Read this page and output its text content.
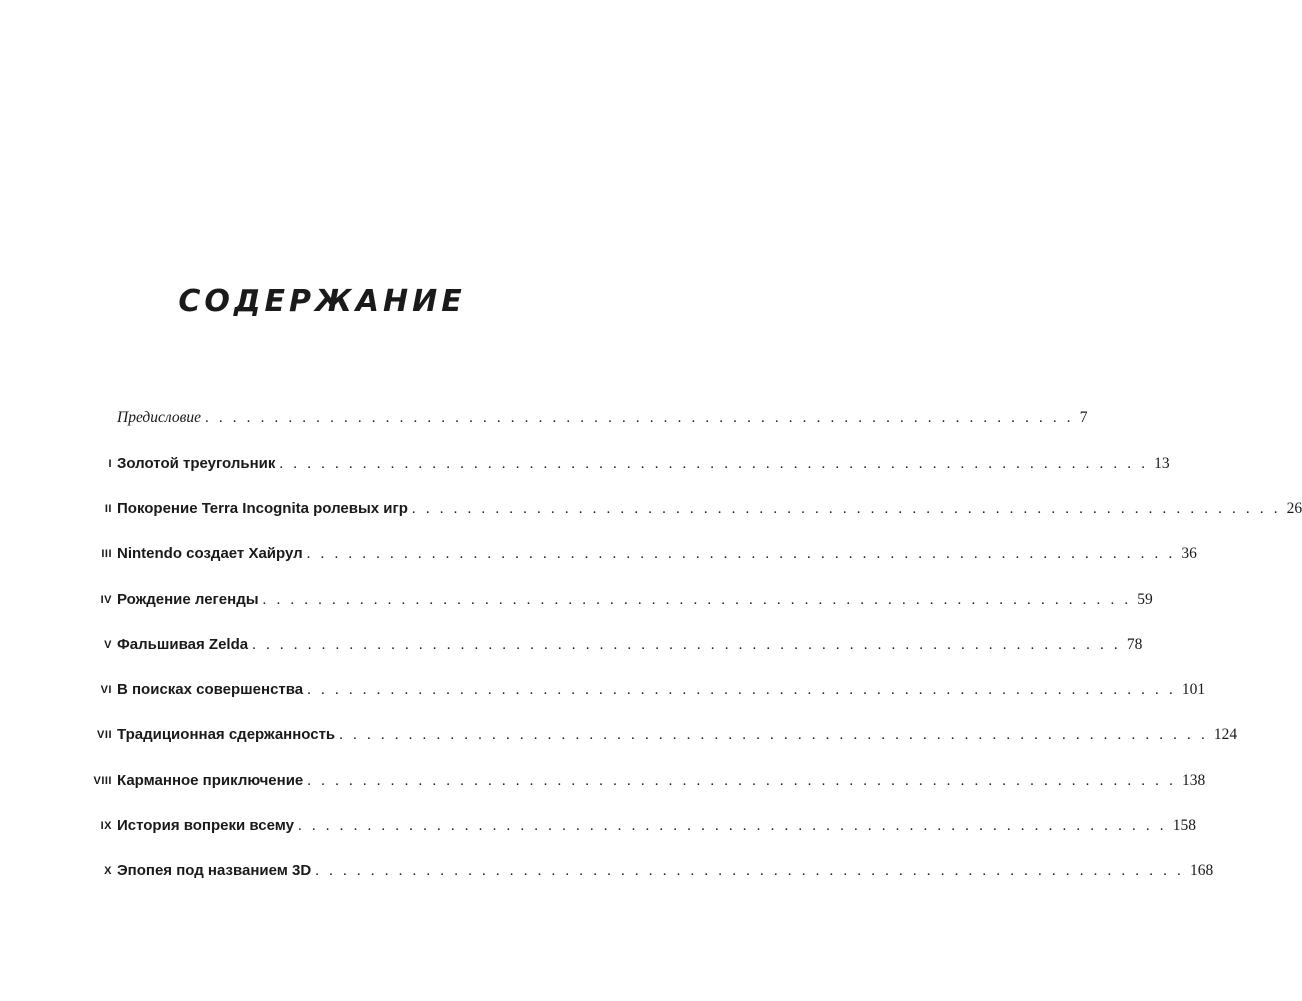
СОДЕРЖАНИЕ
Предисловие . . . . . . . . . . . . . . . . . . . . . . . . . . . . . . . . . . . . . . . . . . . . . . . . . . . . . . . . . . . . . . . 7
I Золотой треугольник . . . . . . . . . . . . . . . . . . . . . . . . . . . . . . . . . . . . . . . . . . . . . . . . . . . . . . . . . . . . . . . 13
II Покорение Terra Incognita ролевых игр . . . . . . . . . . . . . . . . . . . . . . . . . . . . . . . . . . . . . . . . . . . . . . . . . . . . . . . . . . . . . . . 26
III Nintendo создает Хайрул . . . . . . . . . . . . . . . . . . . . . . . . . . . . . . . . . . . . . . . . . . . . . . . . . . . . . . . . . . . . . . . 36
IV Рождение легенды . . . . . . . . . . . . . . . . . . . . . . . . . . . . . . . . . . . . . . . . . . . . . . . . . . . . . . . . . . . . . . . 59
V Фальшивая Zelda . . . . . . . . . . . . . . . . . . . . . . . . . . . . . . . . . . . . . . . . . . . . . . . . . . . . . . . . . . . . . . . 78
VI В поисках совершенства . . . . . . . . . . . . . . . . . . . . . . . . . . . . . . . . . . . . . . . . . . . . . . . . . . . . . . . . . . . . . . . 101
VII Традиционная сдержанность . . . . . . . . . . . . . . . . . . . . . . . . . . . . . . . . . . . . . . . . . . . . . . . . . . . . . . . . . . . . . . . 124
VIII Карманное приключение . . . . . . . . . . . . . . . . . . . . . . . . . . . . . . . . . . . . . . . . . . . . . . . . . . . . . . . . . . . . . . . 138
IX История вопреки всему . . . . . . . . . . . . . . . . . . . . . . . . . . . . . . . . . . . . . . . . . . . . . . . . . . . . . . . . . . . . . . . 158
X Эпопея под названием 3D . . . . . . . . . . . . . . . . . . . . . . . . . . . . . . . . . . . . . . . . . . . . . . . . . . . . . . . . . . . . . . . 168
